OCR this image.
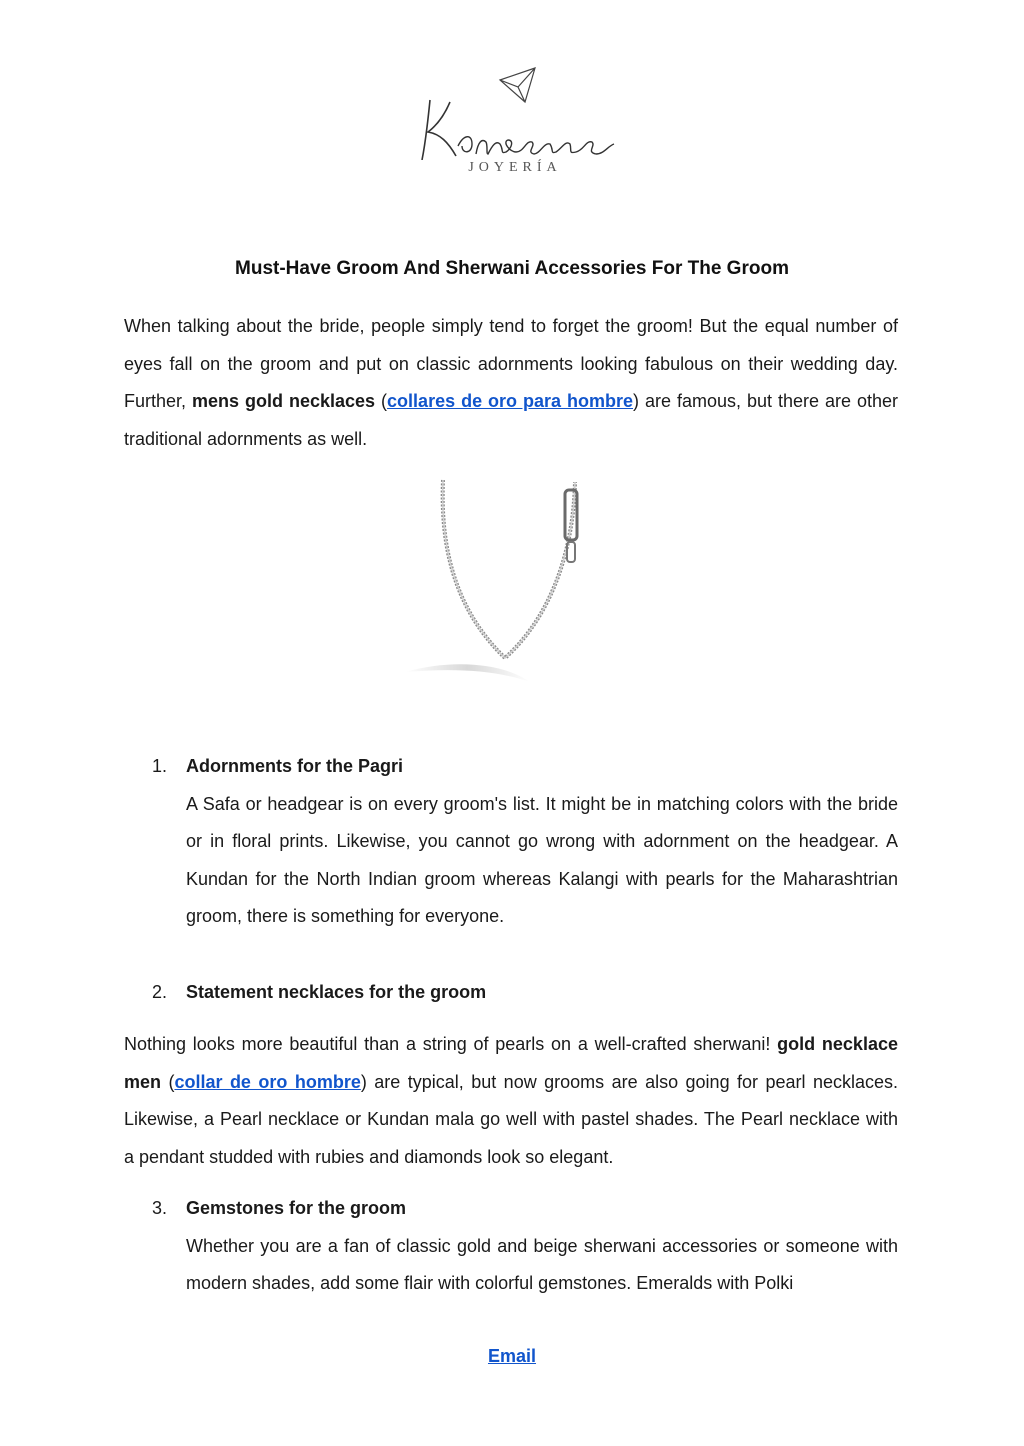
JOYERÍA
Must-Have Groom And Sherwani Accessories For The Groom

When talking about the bride, people simply tend to forget the groom! But the equal number of eyes fall on the groom and put on classic adornments looking fabulous on their wedding day. Further, mens gold necklaces (collares de oro para hombre) are famous, but there are other traditional adornments as well.

1.	Adornments for the Pagri

A Safa or headgear is on every groom's list. It might be in matching colors with the bride or in floral prints. Likewise, you cannot go wrong with adornment on the headgear. A Kundan for the North Indian groom whereas Kalangi with pearls for the Maharashtrian groom, there is something for everyone.

2.	Statement necklaces for the groom

Nothing looks more beautiful than a string of pearls on a well-crafted sherwani! gold necklace men (collar de oro hombre) are typical, but now grooms are also going for pearl necklaces. Likewise, a Pearl necklace or Kundan mala go well with pastel shades. The Pearl necklace with a pendant studded with rubies and diamonds look so elegant.

3.	Gemstones for the groom

Whether you are a fan of classic gold and beige sherwani accessories or someone with modern shades, add some flair with colorful gemstones. Emeralds with Polki

Email
